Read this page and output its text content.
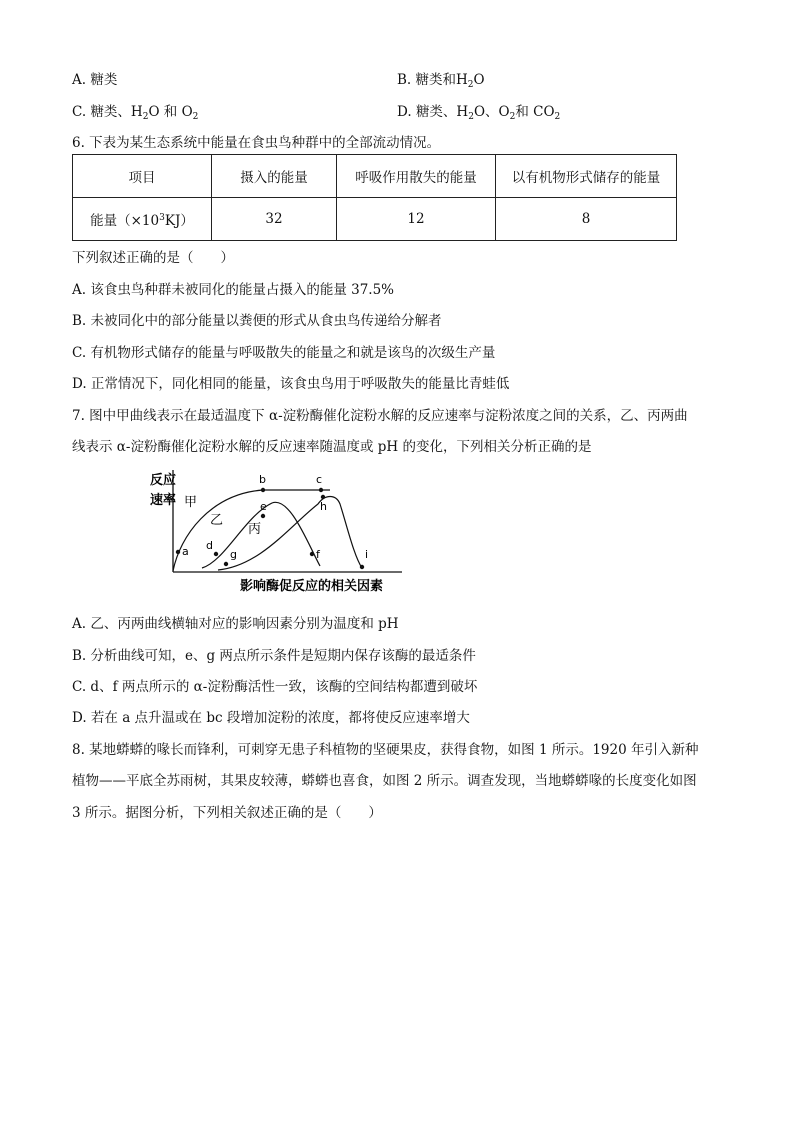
A. 糖类	B. 糖类和$H_2O$
C. 糖类、$H_2O$ 和 $O_2$	D. 糖类、$H_2O$、$O_2$和 $CO_2$
6. 下表为某生态系统中能量在食虫鸟种群中的全部流动情况。
项目	摄入的能量	呼吸作用散失的能量	以有机物形式储存的能量
能量$(\times 10^3KJ)$	32	12	8
下列叙述正确的是（　　）
A. 该食虫鸟种群未被同化的能量占摄入的能量 37.5%
B. 未被同化中的部分能量以粪便的形式从食虫鸟传递给分解者
C. 有机物形式储存的能量与呼吸散失的能量之和就是该鸟的次级生产量
D. 正常情况下，同化相同的能量，该食虫鸟用于呼吸散失的能量比青蛙低
7. 图中甲曲线表示在最适温度下 α-淀粉酶催化淀粉水解的反应速率与淀粉浓度之间的关系，乙、丙两曲
线表示 α-淀粉酶催化淀粉水解的反应速率随温度或 pH 的变化，下列相关分析正确的是
反应
速率
影响酶促反应的相关因素
甲
乙
丙
a
b	c
d
e
f
g
h
i
A. 乙、丙两曲线横轴对应的影响因素分别为温度和 pH
B. 分析曲线可知，e、g 两点所示条件是短期内保存该酶的最适条件
C. d、f 两点所示的 α-淀粉酶活性一致，该酶的空间结构都遭到破坏
D. 若在 a 点升温或在 bc 段增加淀粉的浓度，都将使反应速率增大
8. 某地蟒蟒的喙长而锋利，可刺穿无患子科植物的坚硬果皮，获得食物，如图 1 所示。1920 年引入新种
植物——平底全苏雨树，其果皮较薄，蟒蟒也喜食，如图 2 所示。调查发现，当地蟒蟒喙的长度变化如图
3 所示。据图分析，下列相关叙述正确的是（　　）
